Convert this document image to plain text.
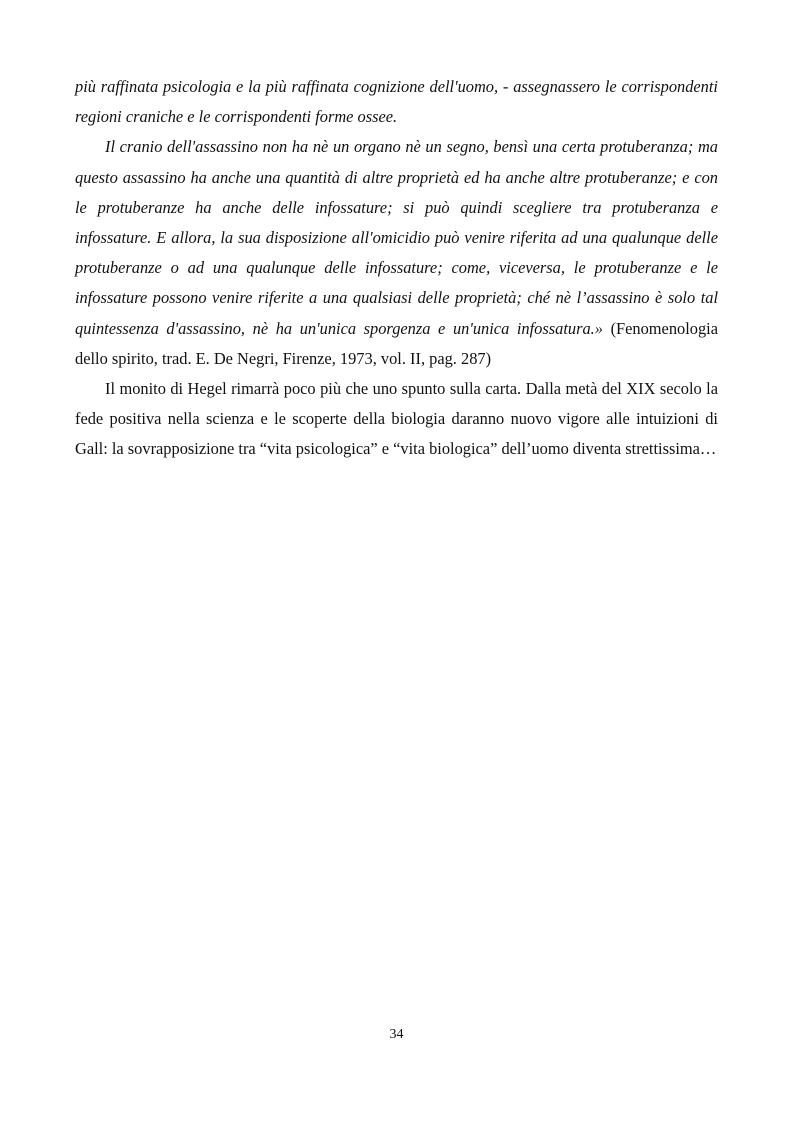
più raffinata psicologia e la più raffinata cognizione dell'uomo, - assegnassero le corrispondenti regioni craniche e le corrispondenti forme ossee.

Il cranio dell'assassino non ha nè un organo nè un segno, bensì una certa protuberanza; ma questo assassino ha anche una quantità di altre proprietà ed ha anche altre protuberanze; e con le protuberanze ha anche delle infossature; si può quindi scegliere tra protuberanza e infossature. E allora, la sua disposizione all'omicidio può venire riferita ad una qualunque delle protuberanze o ad una qualunque delle infossature; come, viceversa, le protuberanze e le infossature possono venire riferite a una qualsiasi delle proprietà; ché nè l’assassino è solo tal quintessenza d'assassino, nè ha un'unica sporgenza e un'unica infossatura.» (Fenomenologia dello spirito, trad. E. De Negri, Firenze, 1973, vol. II, pag. 287)

Il monito di Hegel rimarrà poco più che uno spunto sulla carta. Dalla metà del XIX secolo la fede positiva nella scienza e le scoperte della biologia daranno nuovo vigore alle intuizioni di Gall: la sovrapposizione tra “vita psicologica” e “vita biologica” dell’uomo diventa strettissima…

34
